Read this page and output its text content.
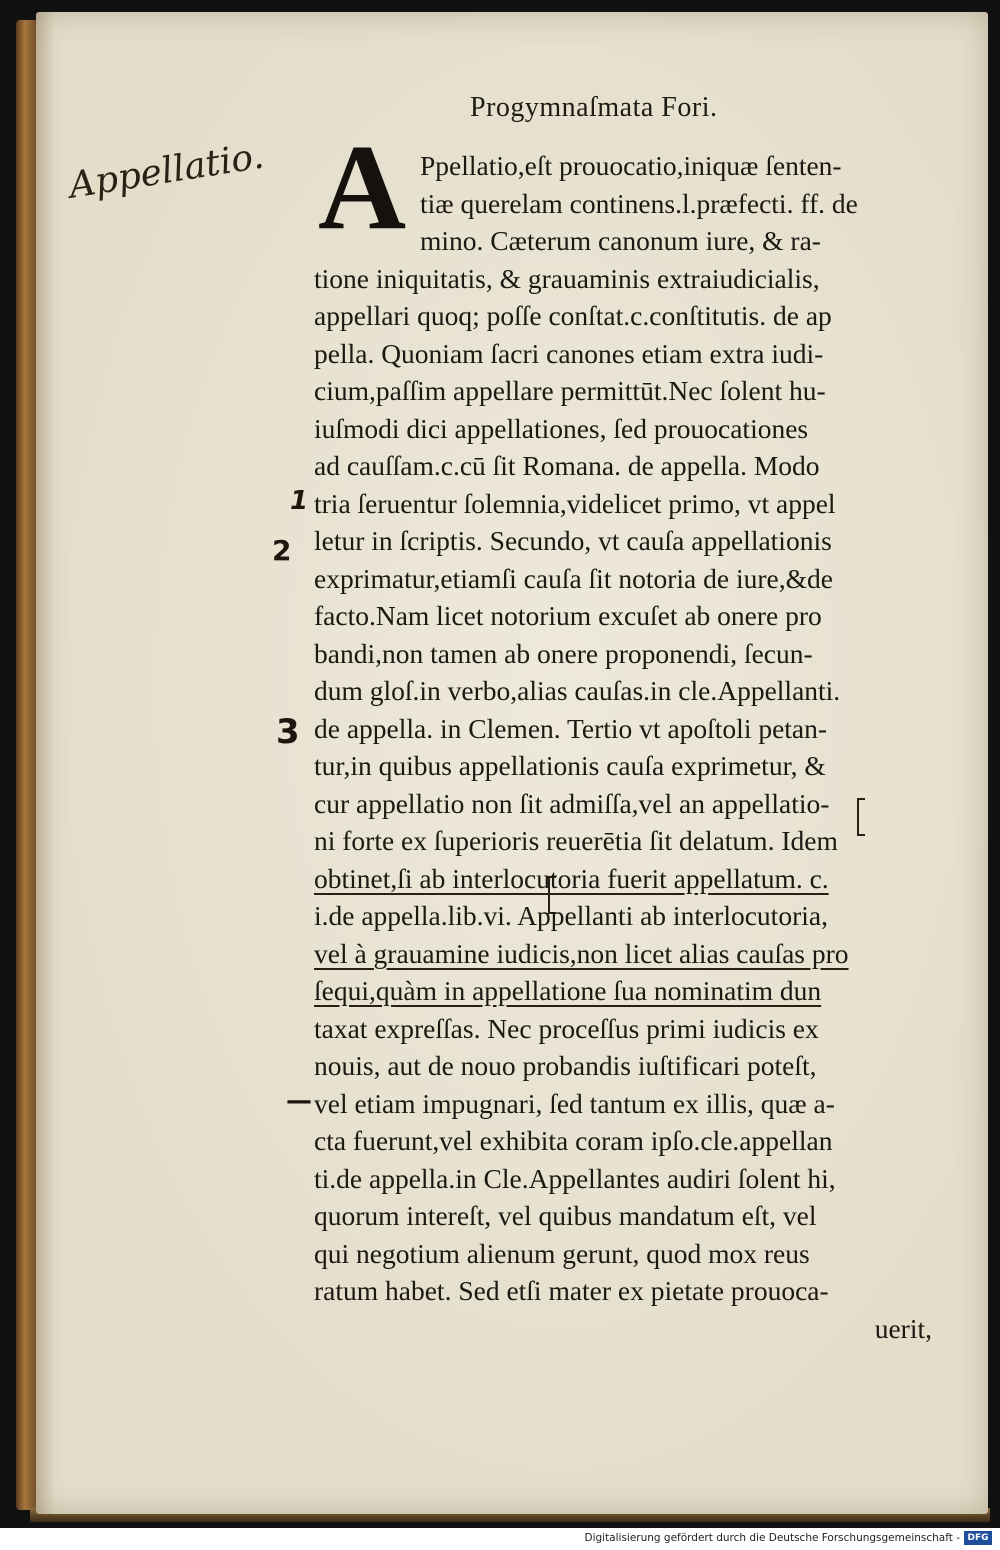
Progymnaſmata Fori.
Appellatio. A
1
2
3
—
Ppellatio,eſt prouocatio,iniquæ ſenten-
tiæ querelam continens.l.præfecti. ff. de
mino. Cæterum canonum iure, & ra-
tione iniquitatis, & grauaminis extraiudicialis,
appellari quoq; poſſe conſtat.c.conſtitutis. de ap
pella. Quoniam ſacri canones etiam extra iudi-
cium,paſſim appellare permittūt.Nec ſolent hu-
iuſmodi dici appellationes, ſed prouocationes
ad cauſſam.c.cū ſit Romana. de appella. Modo
tria ſeruentur ſolemnia,videlicet primo, vt appel
letur in ſcriptis. Secundo, vt cauſa appellationis
exprimatur,etiamſi cauſa ſit notoria de iure,&de
facto.Nam licet notorium excuſet ab onere pro
bandi,non tamen ab onere proponendi, ſecun-
dum gloſ.in verbo,alias cauſas.in cle.Appellanti.
de appella. in Clemen. Tertio vt apoſtoli petan-
tur,in quibus appellationis cauſa exprimetur, &
cur appellatio non ſit admiſſa,vel an appellatio-
ni forte ex ſuperioris reuerētia ſit delatum. Idem
obtinet,ſi ab interlocutoria fuerit appellatum. c.
i.de appella.lib.vi. Appellanti ab interlocutoria,
vel à grauamine iudicis,non licet alias cauſas pro
ſequi,quàm in appellatione ſua nominatim dun
taxat expreſſas. Nec proceſſus primi iudicis ex
nouis, aut de nouo probandis iuſtificari poteſt,
vel etiam impugnari, ſed tantum ex illis, quæ a-
cta fuerunt,vel exhibita coram ipſo.cle.appellan
ti.de appella.in Cle.Appellantes audiri ſolent hi,
quorum intereſt, vel quibus mandatum eſt, vel
qui negotium alienum gerunt, quod mox reus
ratum habet. Sed etſi mater ex pietate prouoca-
uerit,
Digitalisierung gefördert durch die Deutsche Forschungsgemeinschaft - DFG
